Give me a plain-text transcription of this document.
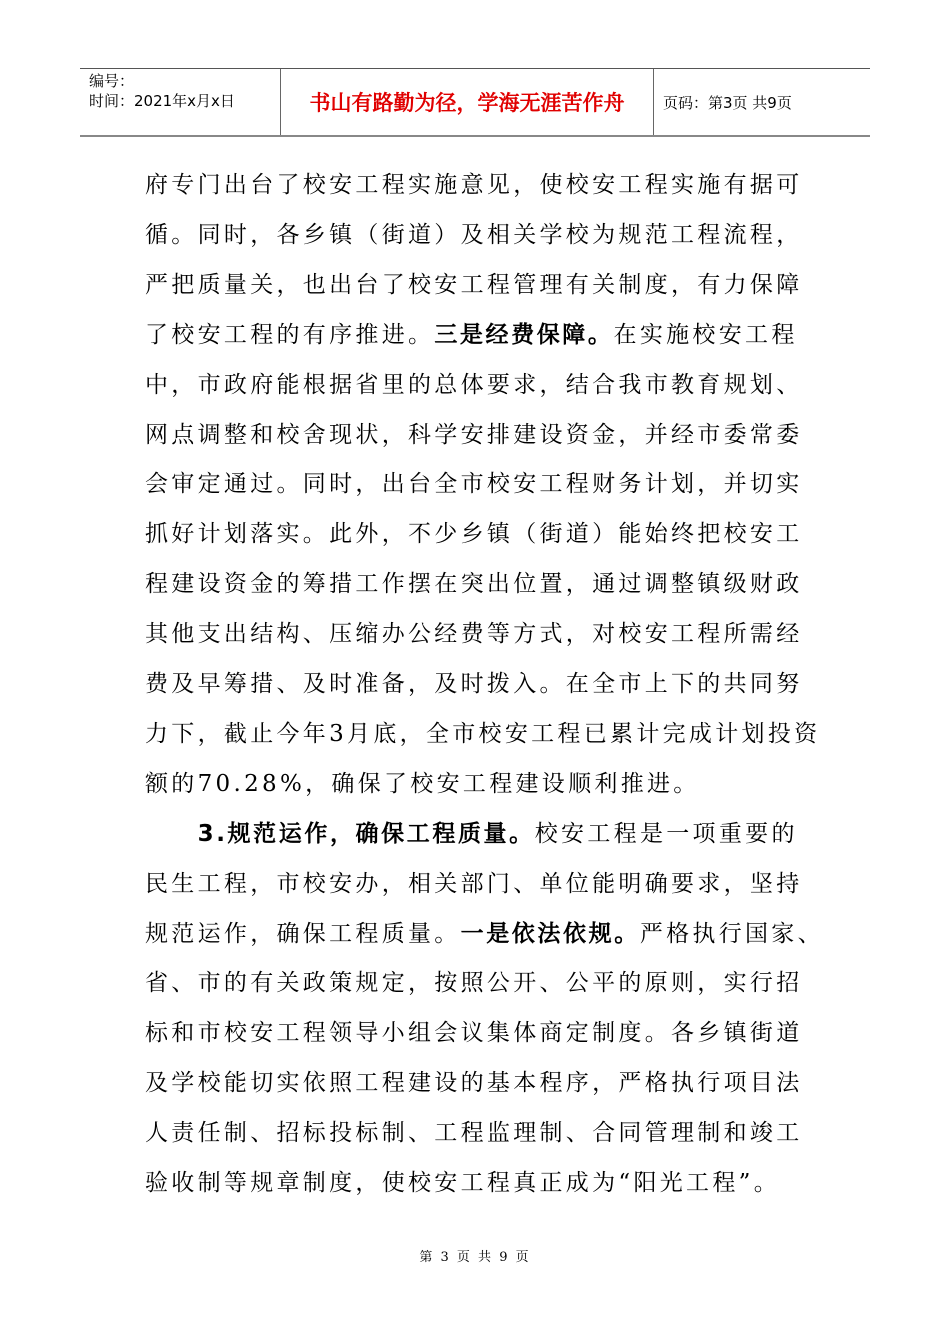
编号：
时间：2021年x月x日	书山有路勤为径，学海无涯苦作舟	页码：第3页 共9页
府专门出台了校安工程实施意见，使校安工程实施有据可
循。同时，各乡镇（街道）及相关学校为规范工程流程，
严把质量关，也出台了校安工程管理有关制度，有力保障
了校安工程的有序推进。三是经费保障。在实施校安工程
中，市政府能根据省里的总体要求，结合我市教育规划、
网点调整和校舍现状，科学安排建设资金，并经市委常委
会审定通过。同时，出台全市校安工程财务计划，并切实
抓好计划落实。此外，不少乡镇（街道）能始终把校安工
程建设资金的筹措工作摆在突出位置，通过调整镇级财政
其他支出结构、压缩办公经费等方式，对校安工程所需经
费及早筹措、及时准备，及时拨入。在全市上下的共同努
力下，截止今年3月底，全市校安工程已累计完成计划投资
额的70.28%，确保了校安工程建设顺利推进。
　　3.规范运作，确保工程质量。校安工程是一项重要的
民生工程，市校安办，相关部门、单位能明确要求，坚持
规范运作，确保工程质量。一是依法依规。严格执行国家、
省、市的有关政策规定，按照公开、公平的原则，实行招
标和市校安工程领导小组会议集体商定制度。各乡镇街道
及学校能切实依照工程建设的基本程序，严格执行项目法
人责任制、招标投标制、工程监理制、合同管理制和竣工
验收制等规章制度，使校安工程真正成为“阳光工程”。
第 3 页 共 9 页
